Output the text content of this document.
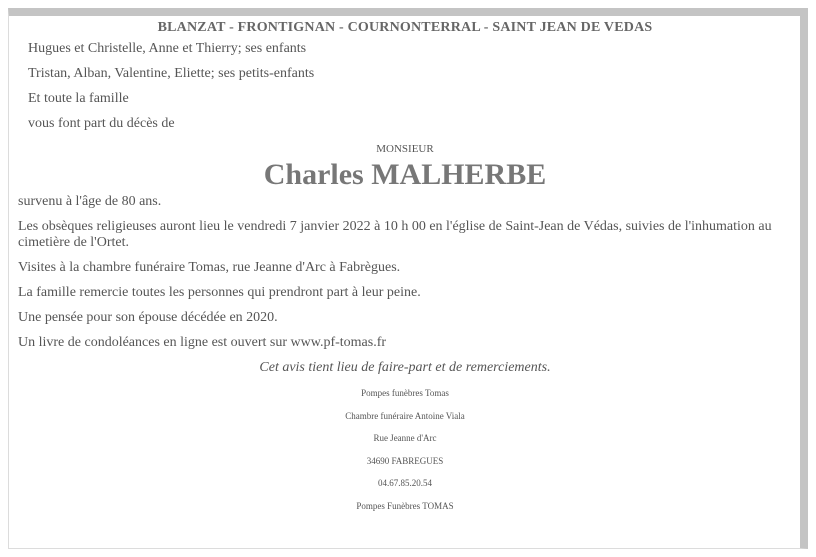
BLANZAT - FRONTIGNAN - COURNONTERRAL - SAINT JEAN DE VEDAS
Hugues et Christelle, Anne et Thierry; ses enfants
Tristan, Alban, Valentine, Eliette; ses petits-enfants
Et toute la famille
vous font part du décès de
MONSIEUR
Charles MALHERBE
survenu à l'âge de 80 ans.
Les obsèques religieuses auront lieu le vendredi 7 janvier 2022 à 10 h 00 en l'église de Saint-Jean de Védas, suivies de l'inhumation au cimetière de l'Ortet.
Visites à la chambre funéraire Tomas, rue Jeanne d'Arc à Fabrègues.
La famille remercie toutes les personnes qui prendront part à leur peine.
Une pensée pour son épouse décédée en 2020.
Un livre de condoléances en ligne est ouvert sur www.pf-tomas.fr
Cet avis tient lieu de faire-part et de remerciements.
Pompes funèbres Tomas
Chambre funéraire Antoine Viala
Rue Jeanne d'Arc
34690 FABREGUES
04.67.85.20.54
Pompes Funèbres TOMAS
